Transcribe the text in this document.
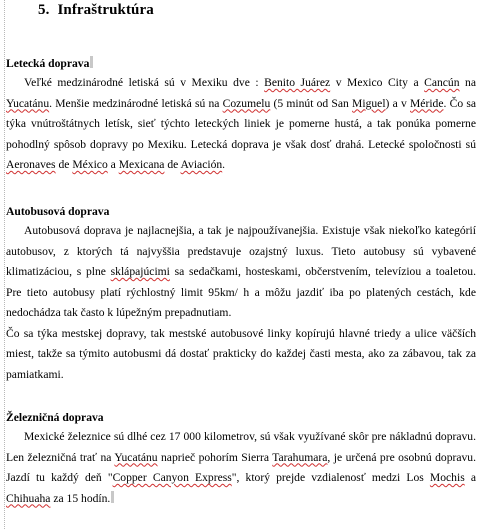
5. Infraštruktúra
Letecká doprava

Veľké medzinárodné letiská sú v Mexiku dve : Benito Juárez v Mexico City a Cancún na Yucatánu. Menšie medzinárodné letiská sú na Cozumelu (5 minút od San Miguel) a v Méride. Čo sa týka vnútroštátnych letísk, sieť týchto leteckých liniek je pomerne hustá, a tak ponúka pomerne pohodlný spôsob dopravy po Mexiku. Letecká doprava je však dosť drahá. Letecké spoločnosti sú Aeronaves de México a Mexicana de Aviación.

Autobusová doprava

Autobusová doprava je najlacnejšia, a tak je najpoužívanejšia. Existuje však niekoľko kategórií autobusov, z ktorých tá najvyššia predstavuje ozajstný luxus. Tieto autobusy sú vybavené klimatizáciou, s plne sklápajúcimi sa sedačkami, hosteskami, občerstvením, televíziou a toaletou. Pre tieto autobusy platí rýchlostný limit 95km/ h a môžu jazdiť iba po platených cestách, kde nedochádza tak často k lúpežným prepadnutiam.

Čo sa týka mestskej dopravy, tak mestské autobusové linky kopírujú hlavné triedy a ulice väčších miest, takže sa týmito autobusmi dá dostať prakticky do každej časti mesta, ako za zábavou, tak za pamiatkami.

Železničná doprava

Mexické železnice sú dlhé cez 17 000 kilometrov, sú však využívané skôr pre nákladnú dopravu. Len železničná trať na Yucatánu naprieč pohorím Sierra Tarahumara, je určená pre osobnú dopravu. Jazdí tu každý deň "Copper Canyon Express", ktorý prejde vzdialenosť medzi Los Mochis a Chihuaha za 15 hodín.
